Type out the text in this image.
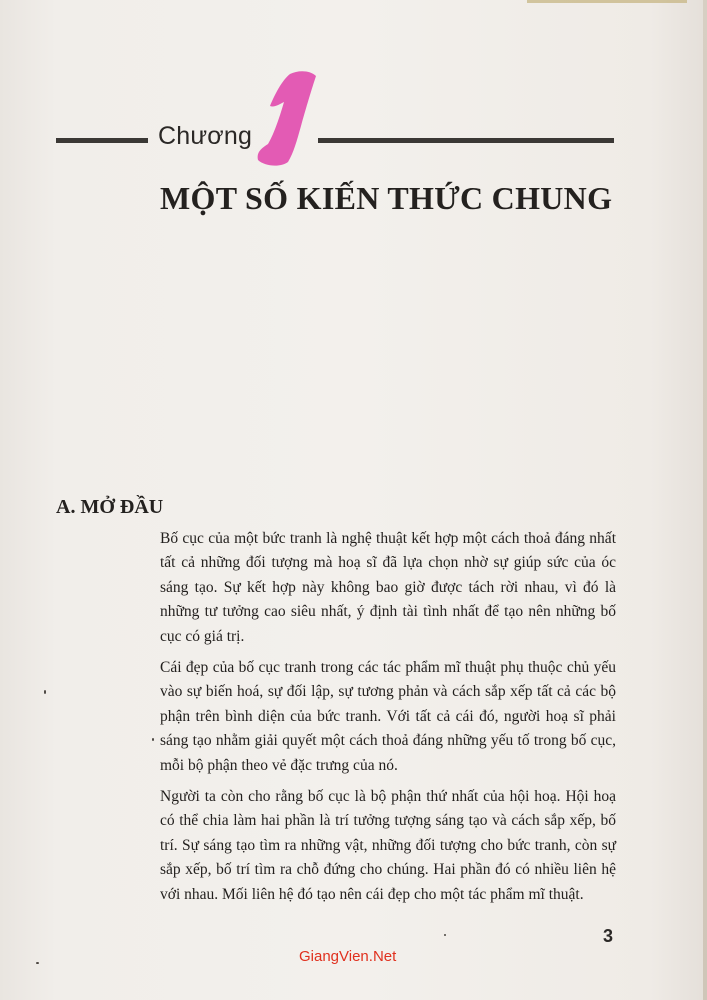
Chương
MỘT SỐ KIẾN THỨC CHUNG
A. MỞ ĐẦU

Bố cục của một bức tranh là nghệ thuật kết hợp một cách thoả đáng nhất tất cả những đối tượng mà hoạ sĩ đã lựa chọn nhờ sự giúp sức của óc sáng tạo. Sự kết hợp này không bao giờ được tách rời nhau, vì đó là những tư tưởng cao siêu nhất, ý định tài tình nhất để tạo nên những bố cục có giá trị.

Cái đẹp của bố cục tranh trong các tác phẩm mĩ thuật phụ thuộc chủ yếu vào sự biến hoá, sự đối lập, sự tương phản và cách sắp xếp tất cả các bộ phận trên bình diện của bức tranh. Với tất cả cái đó, người hoạ sĩ phải sáng tạo nhằm giải quyết một cách thoả đáng những yếu tố trong bố cục, mỗi bộ phận theo vẻ đặc trưng của nó.

Người ta còn cho rằng bố cục là bộ phận thứ nhất của hội hoạ. Hội hoạ có thể chia làm hai phần là trí tưởng tượng sáng tạo và cách sắp xếp, bố trí. Sự sáng tạo tìm ra những vật, những đối tượng cho bức tranh, còn sự sắp xếp, bố trí tìm ra chỗ đứng cho chúng. Hai phần đó có nhiều liên hệ với nhau. Mối liên hệ đó tạo nên cái đẹp cho một tác phẩm mĩ thuật.

3
GiangVien.Net
